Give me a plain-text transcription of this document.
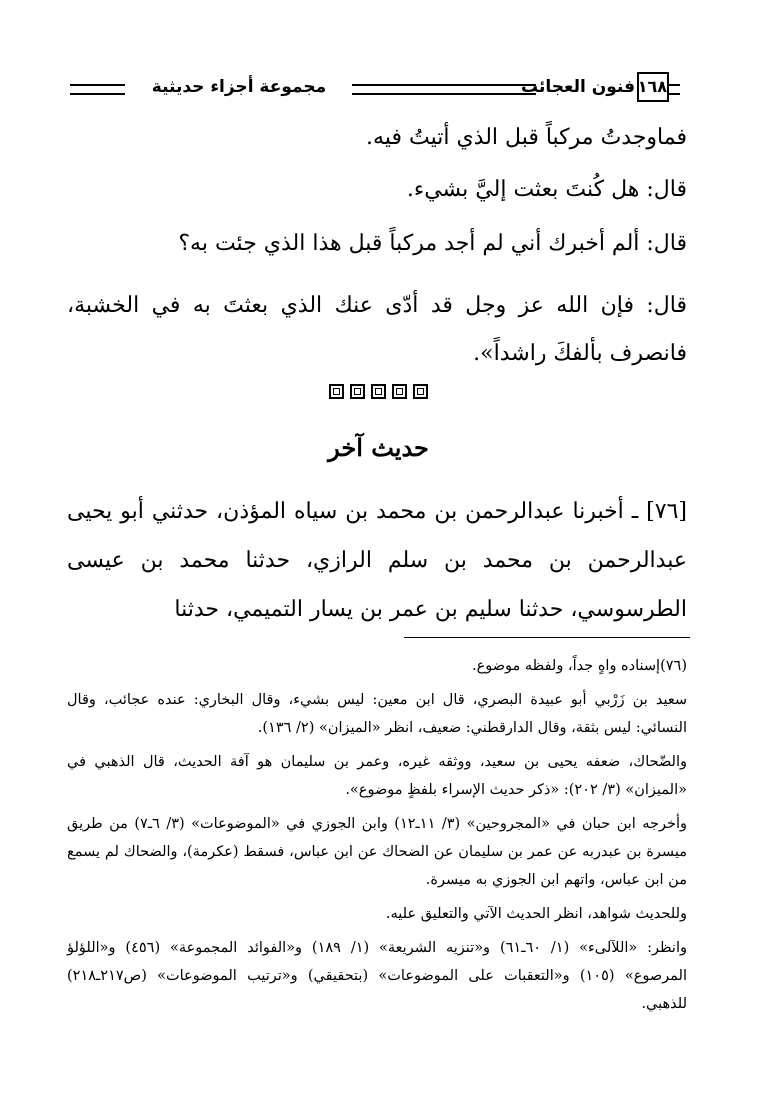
١٦٨
فنون العجائب
مجموعة أجزاء حديثية

فماوجدتُ مركباً قبل الذي أتيتُ فيه.

قال: هل كُنتَ بعثت إليَّ بشيء.

قال: ألم أخبرك أني لم أجد مركباً قبل هذا الذي جئت به؟

قال: فإن الله عز وجل قد أدّى عنك الذي بعثتَ به في الخشبة، فانصرف بألفكَ راشداً».

حديث آخر

[٧٦] ـ أخبرنا عبدالرحمن بن محمد بن سياه المؤذن، حدثني أبو يحيى عبدالرحمن بن محمد بن سلم الرازي، حدثنا محمد بن عيسى الطرسوسي، حدثنا سليم بن عمر بن يسار التميمي، حدثنا

(٧٦)إسناده واهٍ جداً، ولفظه موضوع.

سعيد بن زَرْبي أبو عبيدة البصري، قال ابن معين: ليس بشيء، وقال البخاري: عنده عجائب، وقال النسائي: ليس بثقة، وقال الدارقطني: ضعيف، انظر «الميزان» (٢/ ١٣٦).

والضّحاك، ضعفه يحيى بن سعيد، ووثقه غيره، وعمر بن سليمان هو آفة الحديث، قال الذهبي في «الميزان» (٣/ ٢٠٢): «ذكر حديث الإسراء بلفظٍ موضوع».

وأخرجه ابن حبان في «المجروحين» (٣/ ١١ـ١٢) وابن الجوزي في «الموضوعات» (٣/ ٦ـ٧) من طريق ميسرة بن عبدربه عن عمر بن سليمان عن الضحاك عن ابن عباس، فسقط (عكرمة)، والضحاك لم يسمع من ابن عباس، واتهم ابن الجوزي به ميسرة.

وللحديث شواهد، انظر الحديث الآتي والتعليق عليه.

وانظر: «اللآلىء» (١/ ٦٠ـ٦١) و«تنزيه الشريعة» (١/ ١٨٩) و«الفوائد المجموعة» (٤٥٦) و«اللؤلؤ المرصوع» (١٠٥) و«التعقبات على الموضوعات» (بتحقيقي) و«ترتيب الموضوعات» (ص٢١٧ـ٢١٨) للذهبي.
